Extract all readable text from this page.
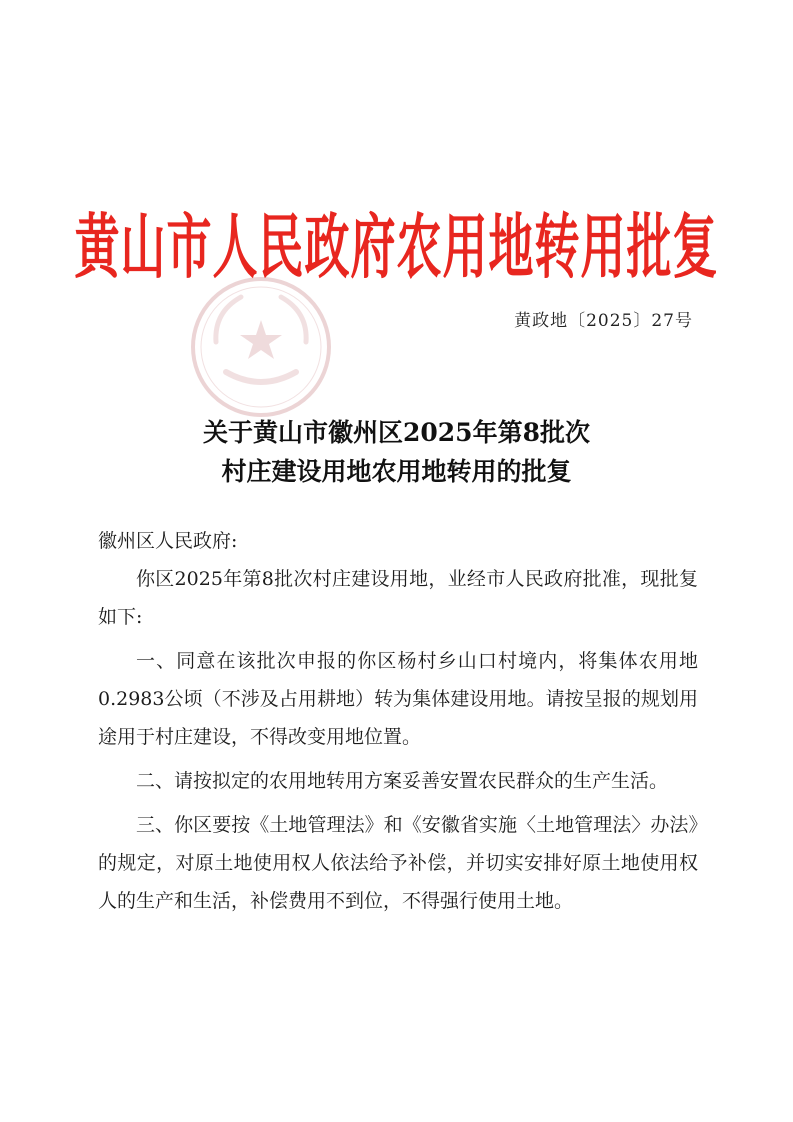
黄山市人民政府农用地转用批复
黄政地〔2025〕27号
关于黄山市徽州区2025年第8批次
村庄建设用地农用地转用的批复

徽州区人民政府:

你区2025年第8批次村庄建设用地，业经市人民政府批准，现批复如下:

一、同意在该批次申报的你区杨村乡山口村境内，将集体农用地0.2983公顷（不涉及占用耕地）转为集体建设用地。请按呈报的规划用途用于村庄建设，不得改变用地位置。

二、请按拟定的农用地转用方案妥善安置农民群众的生产生活。

三、你区要按《土地管理法》和《安徽省实施〈土地管理法〉办法》的规定，对原土地使用权人依法给予补偿，并切实安排好原土地使用权人的生产和生活，补偿费用不到位，不得强行使用土地。
